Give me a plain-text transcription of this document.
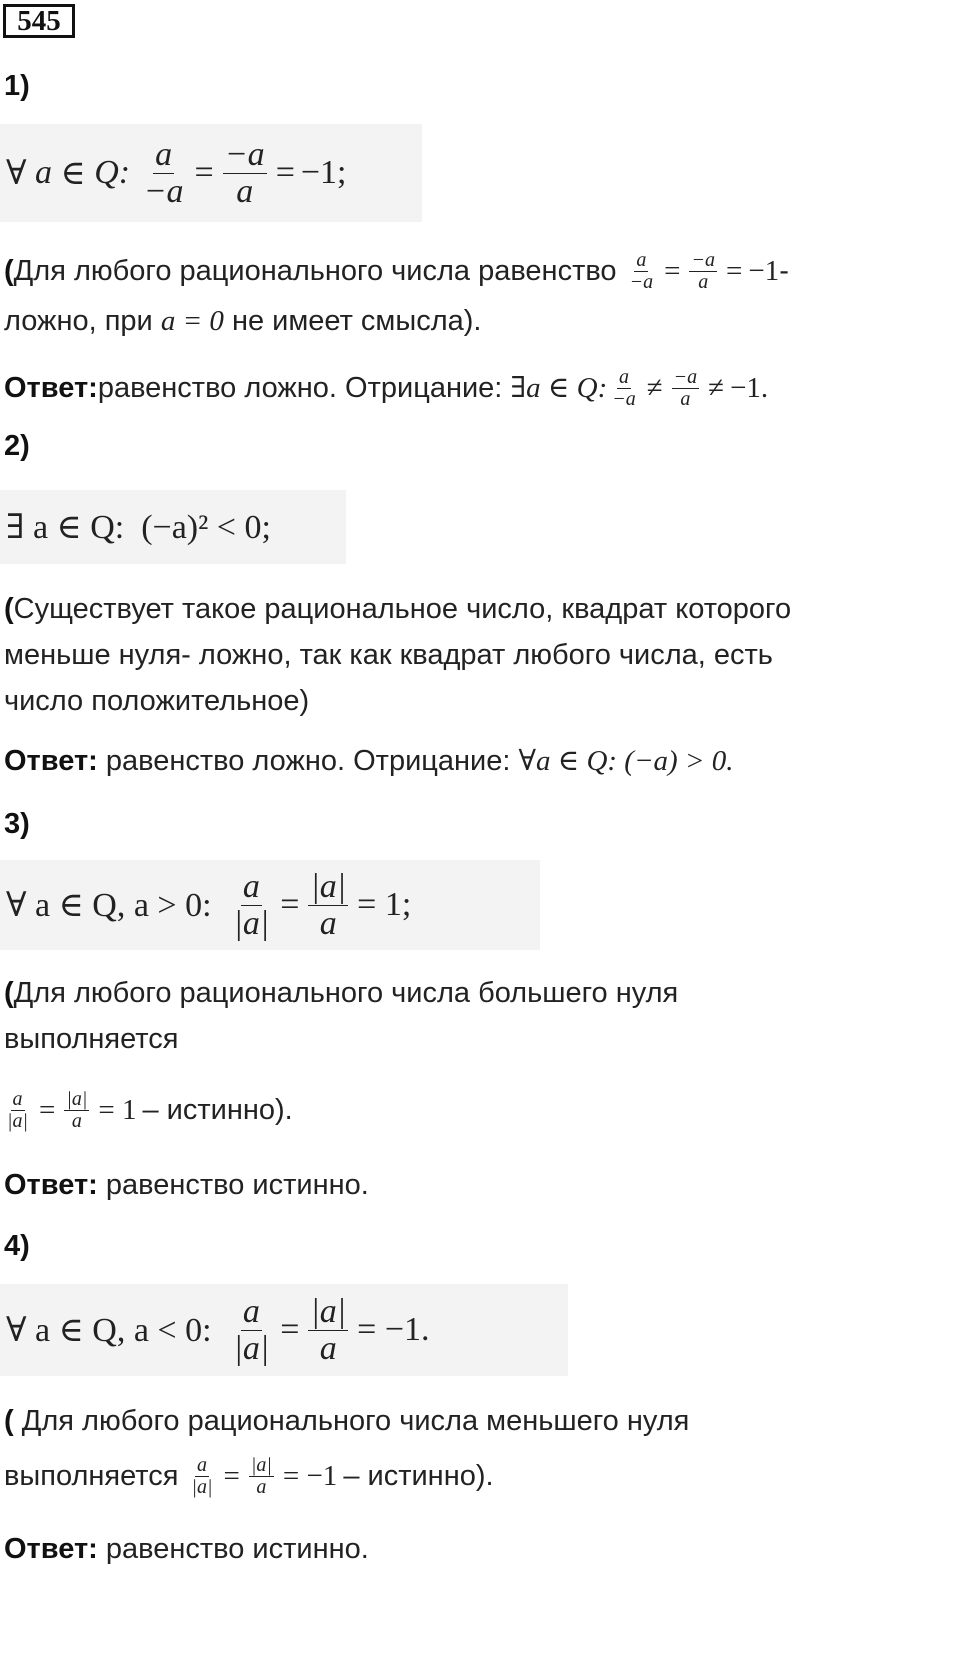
545
1)
∀
a
∈
Q:
$\frac{a}{-a} = \frac{-a}{a} = -1$;
( Для любого рационального числа равенство
$\frac{a}{-a} = \frac{-a}{a} = -1$ -
ложно, при a = 0 не имеет смысла).
Ответ: равенство ложно. Отрицание:
∃a ∈ Q: $\frac{a}{-a} \ne \frac{-a}{a} \ne -1$.
2)
∃ a ∈ Q:  (−a)² < 0;
(Существует такое рациональное число, квадрат которого
меньше нуля- ложно, так как квадрат любого числа, есть
число положительное)
Ответ: равенство ложно. Отрицание: ∀a ∈ Q: (−a) > 0.
3)
∀ a ∈ Q, a > 0:
$\frac{a}{|a|} = \frac{|a|}{a} = 1$;
(Для любого рационального числа большего нуля
выполняется
$\frac{a}{|a|} = \frac{|a|}{a} = 1$ – истинно).
Ответ: равенство истинно.
4)
∀ a ∈ Q, a < 0:
$\frac{a}{|a|} = \frac{|a|}{a} = -1$.
( Для любого рационального числа меньшего нуля
выполняется
$\frac{a}{|a|} = \frac{|a|}{a} = -1$ – истинно).
Ответ: равенство истинно.
